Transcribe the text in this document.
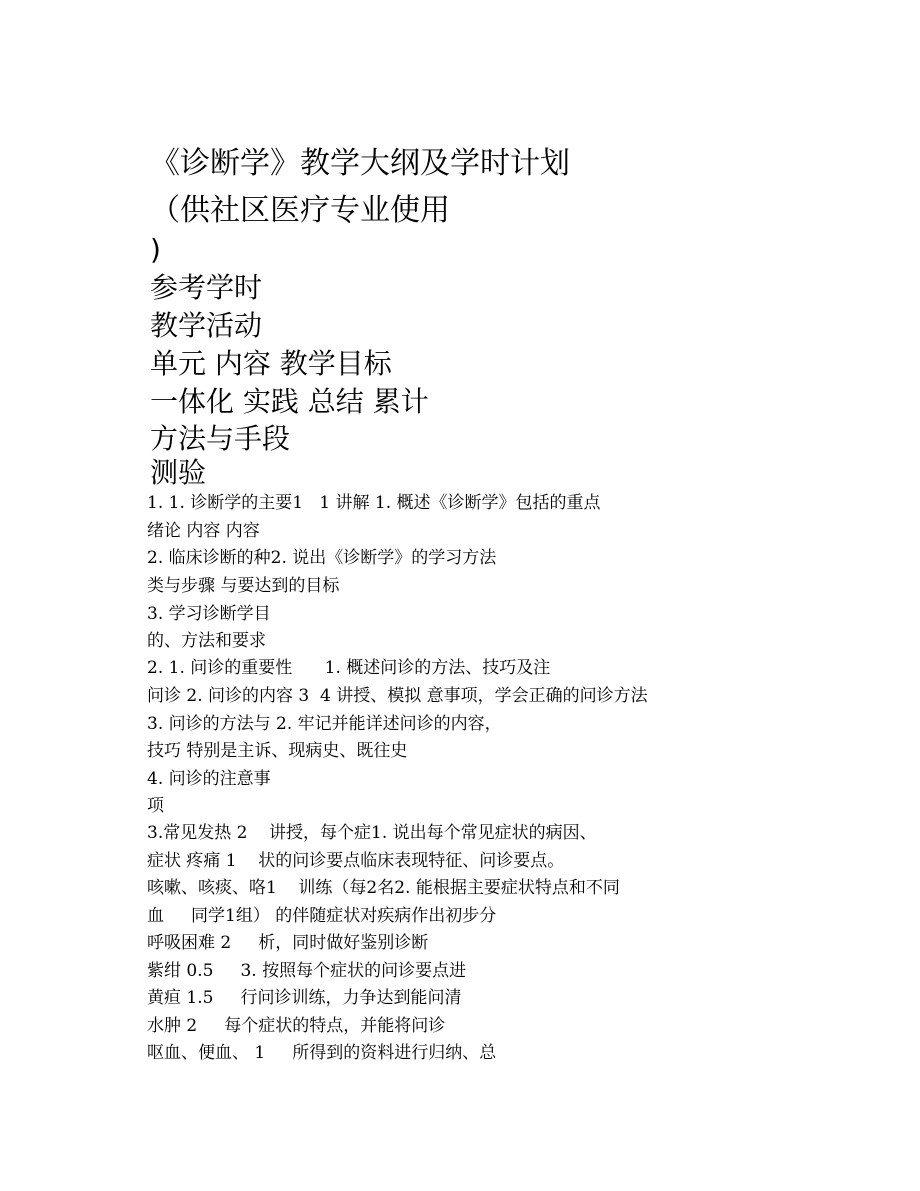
《诊断学》教学大纲及学时计划
（供社区医疗专业使用
)
参考学时
教学活动
单元 内容 教学目标
一体化 实践 总结 累计
方法与手段
测验
1. 1. 诊断学的主要1   1 讲解 1. 概述《诊断学》包括的重点
绪论 内容 内容
2. 临床诊断的种2. 说出《诊断学》的学习方法
类与步骤 与要达到的目标
3. 学习诊断学目
的、方法和要求
2. 1. 问诊的重要性      1. 概述问诊的方法、技巧及注
问诊 2. 问诊的内容 3  4 讲授、模拟 意事项，学会正确的问诊方法
3. 问诊的方法与 2. 牢记并能详述问诊的内容，
技巧 特别是主诉、现病史、既往史
4. 问诊的注意事
项
3.常见发热 2    讲授，每个症1. 说出每个常见症状的病因、
症状 疼痛 1    状的问诊要点临床表现特征、问诊要点。
咳嗽、咳痰、咯1    训练（每2名2. 能根据主要症状特点和不同
血     同学1组） 的伴随症状对疾病作出初步分
呼吸困难 2     析，同时做好鉴别诊断
紫绀 0.5     3. 按照每个症状的问诊要点进
黄疸 1.5     行问诊训练，力争达到能问清
水肿 2     每个症状的特点，并能将问诊
呕血、便血、 1     所得到的资料进行归纳、总
